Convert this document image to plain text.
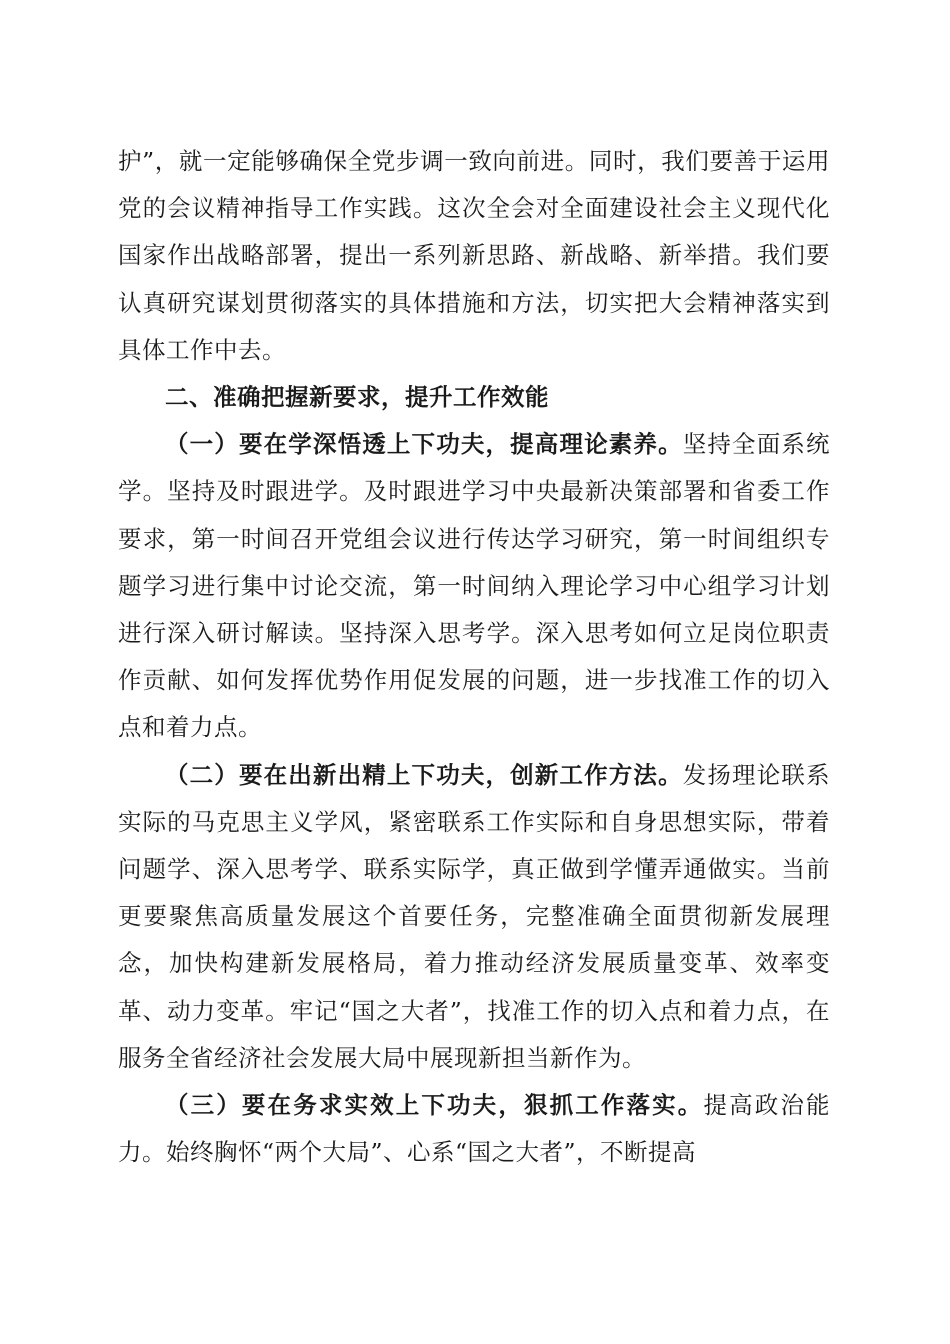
护”，就一定能够确保全党步调一致向前进。同时，我们要善于运用党的会议精神指导工作实践。这次全会对全面建设社会主义现代化国家作出战略部署，提出一系列新思路、新战略、新举措。我们要认真研究谋划贯彻落实的具体措施和方法，切实把大会精神落实到具体工作中去。

二、准确把握新要求，提升工作效能

（一）要在学深悟透上下功夫，提高理论素养。坚持全面系统学。坚持及时跟进学。及时跟进学习中央最新决策部署和省委工作要求，第一时间召开党组会议进行传达学习研究，第一时间组织专题学习进行集中讨论交流，第一时间纳入理论学习中心组学习计划进行深入研讨解读。坚持深入思考学。深入思考如何立足岗位职责作贡献、如何发挥优势作用促发展的问题，进一步找准工作的切入点和着力点。

（二）要在出新出精上下功夫，创新工作方法。发扬理论联系实际的马克思主义学风，紧密联系工作实际和自身思想实际，带着问题学、深入思考学、联系实际学，真正做到学懂弄通做实。当前更要聚焦高质量发展这个首要任务，完整准确全面贯彻新发展理念，加快构建新发展格局，着力推动经济发展质量变革、效率变革、动力变革。牢记“国之大者”，找准工作的切入点和着力点，在服务全省经济社会发展大局中展现新担当新作为。

（三）要在务求实效上下功夫，狠抓工作落实。提高政治能力。始终胸怀“两个大局”、心系“国之大者”，不断提高
